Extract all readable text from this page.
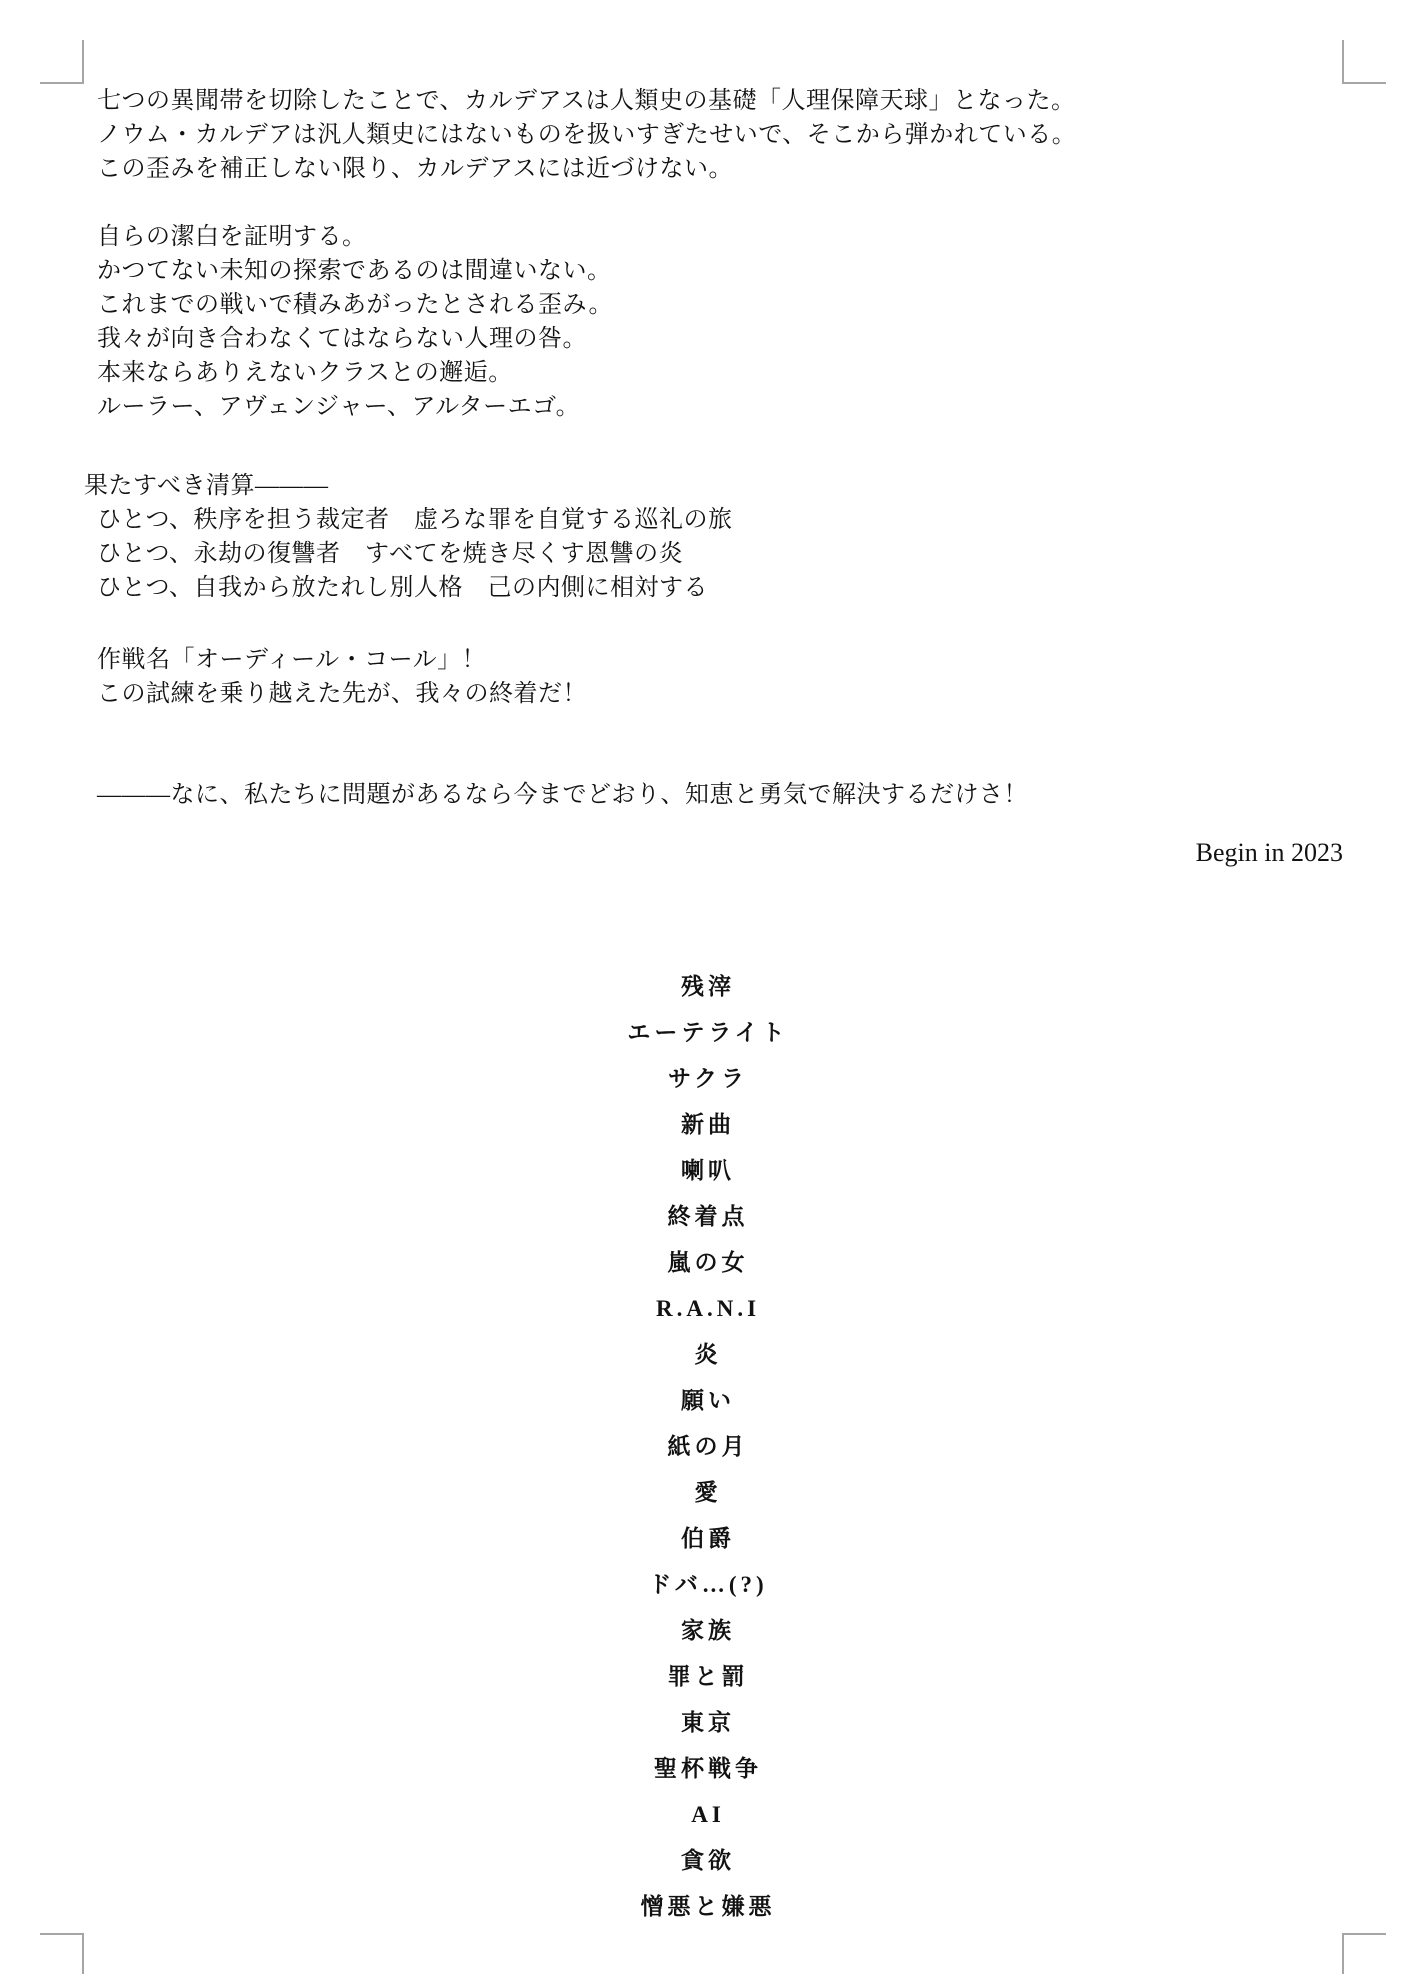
七つの異聞帯を切除したことで、カルデアスは人類史の基礎「人理保障天球」となった。
ノウム・カルデアは汎人類史にはないものを扱いすぎたせいで、そこから弾かれている。
この歪みを補正しない限り、カルデアスには近づけない。
自らの潔白を証明する。
かつてない未知の探索であるのは間違いない。
これまでの戦いで積みあがったとされる歪み。
我々が向き合わなくてはならない人理の咎。
本来ならありえないクラスとの邂逅。
ルーラー、アヴェンジャー、アルターエゴ。
果たすべき清算―――
ひとつ、秩序を担う裁定者　虚ろな罪を自覚する巡礼の旅
ひとつ、永劫の復讐者　すべてを焼き尽くす恩讐の炎
ひとつ、自我から放たれし別人格　己の内側に相対する
作戦名「オーディール・コール」！
この試練を乗り越えた先が、我々の終着だ！
―――なに、私たちに問題があるなら今までどおり、知恵と勇気で解決するだけさ！
Begin in 2023
残滓
エーテライト
サクラ
新曲
喇叭
終着点
嵐の女
R.A.N.I
炎
願い
紙の月
愛
伯爵
ドバ…(?)
家族
罪と罰
東京
聖杯戦争
AI
貪欲
憎悪と嫌悪
